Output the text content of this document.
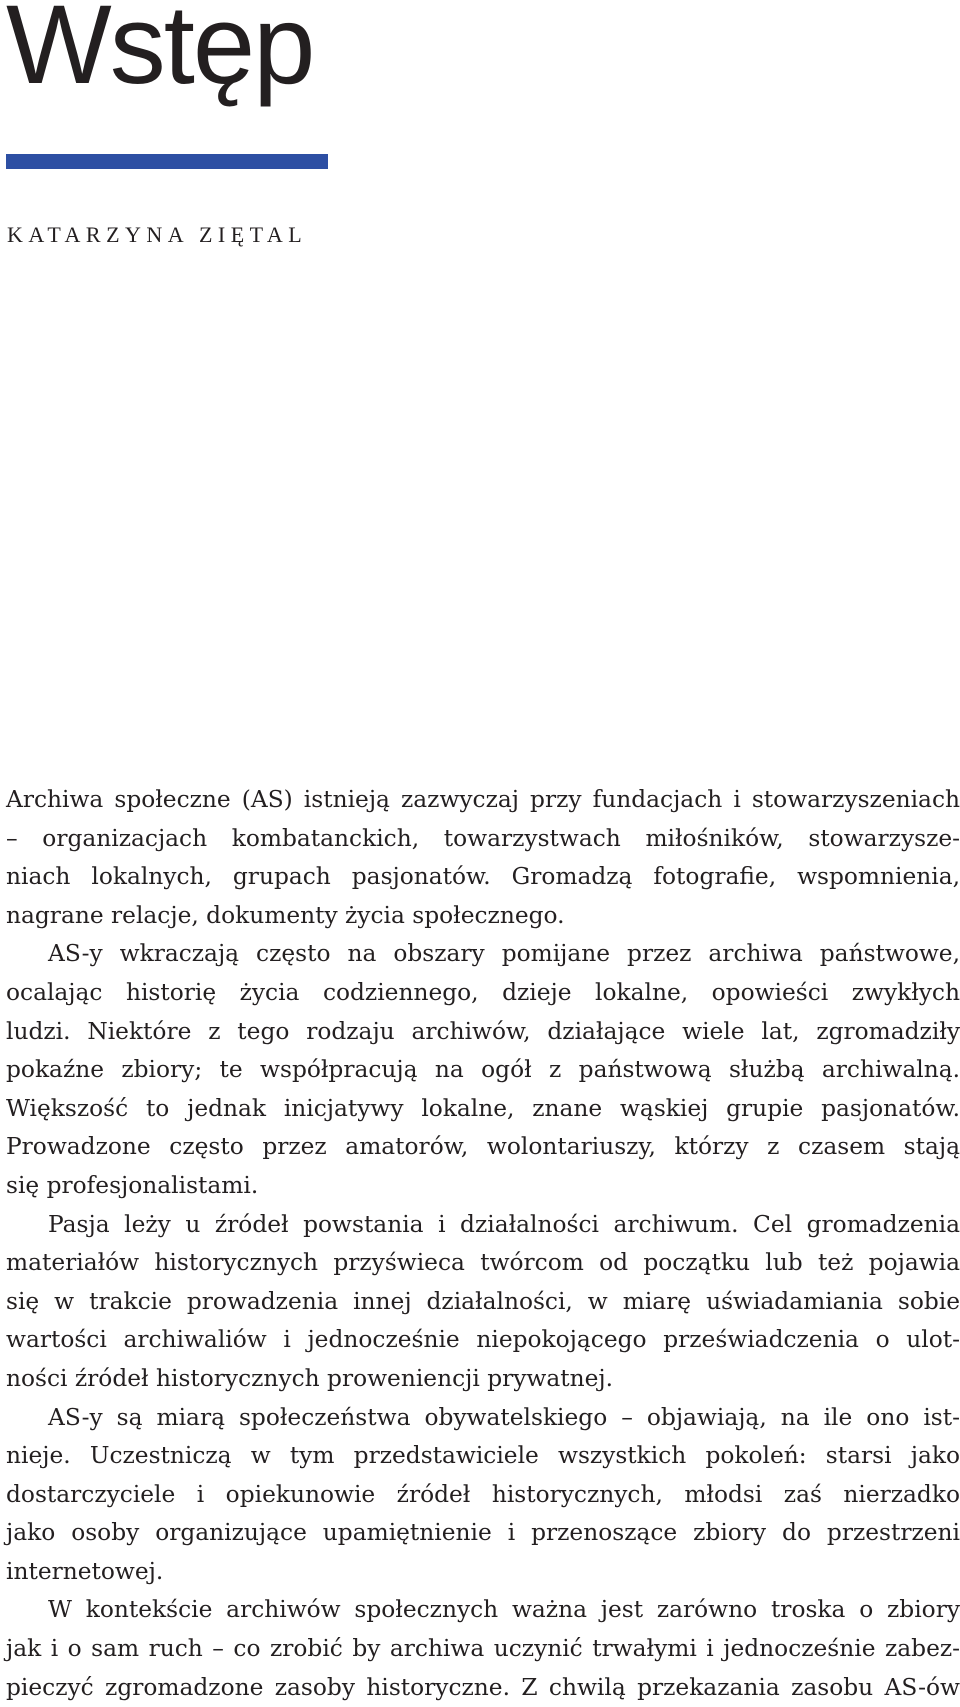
Wstęp

KATARZYNA ZIĘTAL

Archiwa społeczne (AS) istnieją zazwyczaj przy fundacjach i stowarzyszeniach
– organizacjach kombatanckich, towarzystwach miłośników, stowarzysze-
niach lokalnych, grupach pasjonatów. Gromadzą fotografie, wspomnienia,
nagrane relacje, dokumenty życia społecznego.
AS-y wkraczają często na obszary pomijane przez archiwa państwowe,
ocalając historię życia codziennego, dzieje lokalne, opowieści zwykłych
ludzi. Niektóre z tego rodzaju archiwów, działające wiele lat, zgromadziły
pokaźne zbiory; te współpracują na ogół z państwową służbą archiwalną.
Większość to jednak inicjatywy lokalne, znane wąskiej grupie pasjonatów.
Prowadzone często przez amatorów, wolontariuszy, którzy z czasem stają
się profesjonalistami.
Pasja leży u źródeł powstania i działalności archiwum. Cel gromadzenia
materiałów historycznych przyświeca twórcom od początku lub też pojawia
się w trakcie prowadzenia innej działalności, w miarę uświadamiania sobie
wartości archiwaliów i jednocześnie niepokojącego przeświadczenia o ulot-
ności źródeł historycznych proweniencji prywatnej.
AS-y są miarą społeczeństwa obywatelskiego – objawiają, na ile ono ist-
nieje. Uczestniczą w tym przedstawiciele wszystkich pokoleń: starsi jako
dostarczyciele i opiekunowie źródeł historycznych, młodsi zaś nierzadko
jako osoby organizujące upamiętnienie i przenoszące zbiory do przestrzeni
internetowej.
W kontekście archiwów społecznych ważna jest zarówno troska o zbiory
jak i o sam ruch – co zrobić by archiwa uczynić trwałymi i jednocześnie zabez-
pieczyć zgromadzone zasoby historyczne. Z chwilą przekazania zasobu AS-ów
